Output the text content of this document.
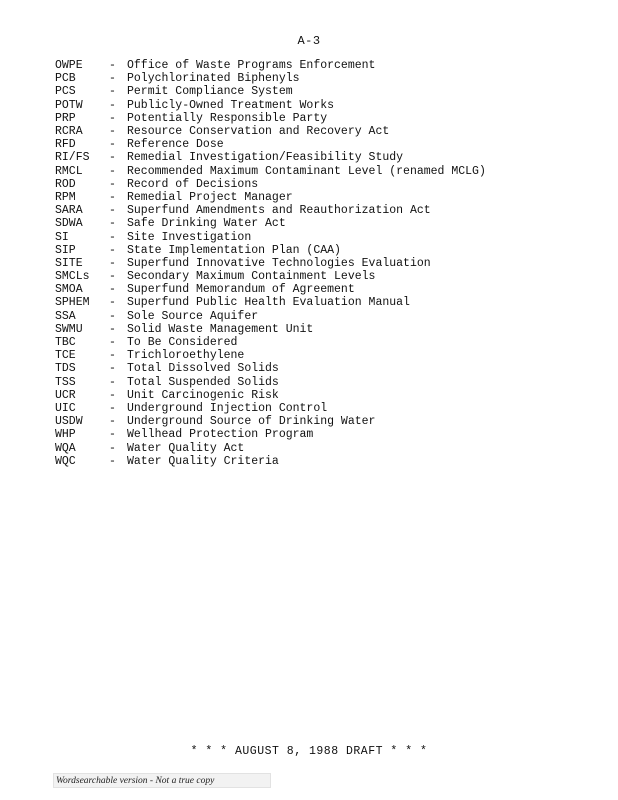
A-3
OWPE	- Office of Waste Programs Enforcement
PCB	- Polychlorinated Biphenyls
PCS	- Permit Compliance System
POTW	- Publicly-Owned Treatment Works
PRP	- Potentially Responsible Party
RCRA	- Resource Conservation and Recovery Act
RFD	- Reference Dose
RI/FS	- Remedial Investigation/Feasibility Study
RMCL	- Recommended Maximum Contaminant Level (renamed MCLG)
ROD	- Record of Decisions
RPM	- Remedial Project Manager
SARA	- Superfund Amendments and Reauthorization Act
SDWA	- Safe Drinking Water Act
SI	- Site Investigation
SIP	- State Implementation Plan (CAA)
SITE	- Superfund Innovative Technologies Evaluation
SMCLs	- Secondary Maximum Containment Levels
SMOA	- Superfund Memorandum of Agreement
SPHEM	- Superfund Public Health Evaluation Manual
SSA	- Sole Source Aquifer
SWMU	- Solid Waste Management Unit
TBC	- To Be Considered
TCE	- Trichloroethylene
TDS	- Total Dissolved Solids
TSS	- Total Suspended Solids
UCR	- Unit Carcinogenic Risk
UIC	- Underground Injection Control
USDW	- Underground Source of Drinking Water
WHP	- Wellhead Protection Program
WQA	- Water Quality Act
WQC	- Water Quality Criteria
* * * AUGUST 8, 1988 DRAFT * * *
Wordsearchable version - Not a true copy
